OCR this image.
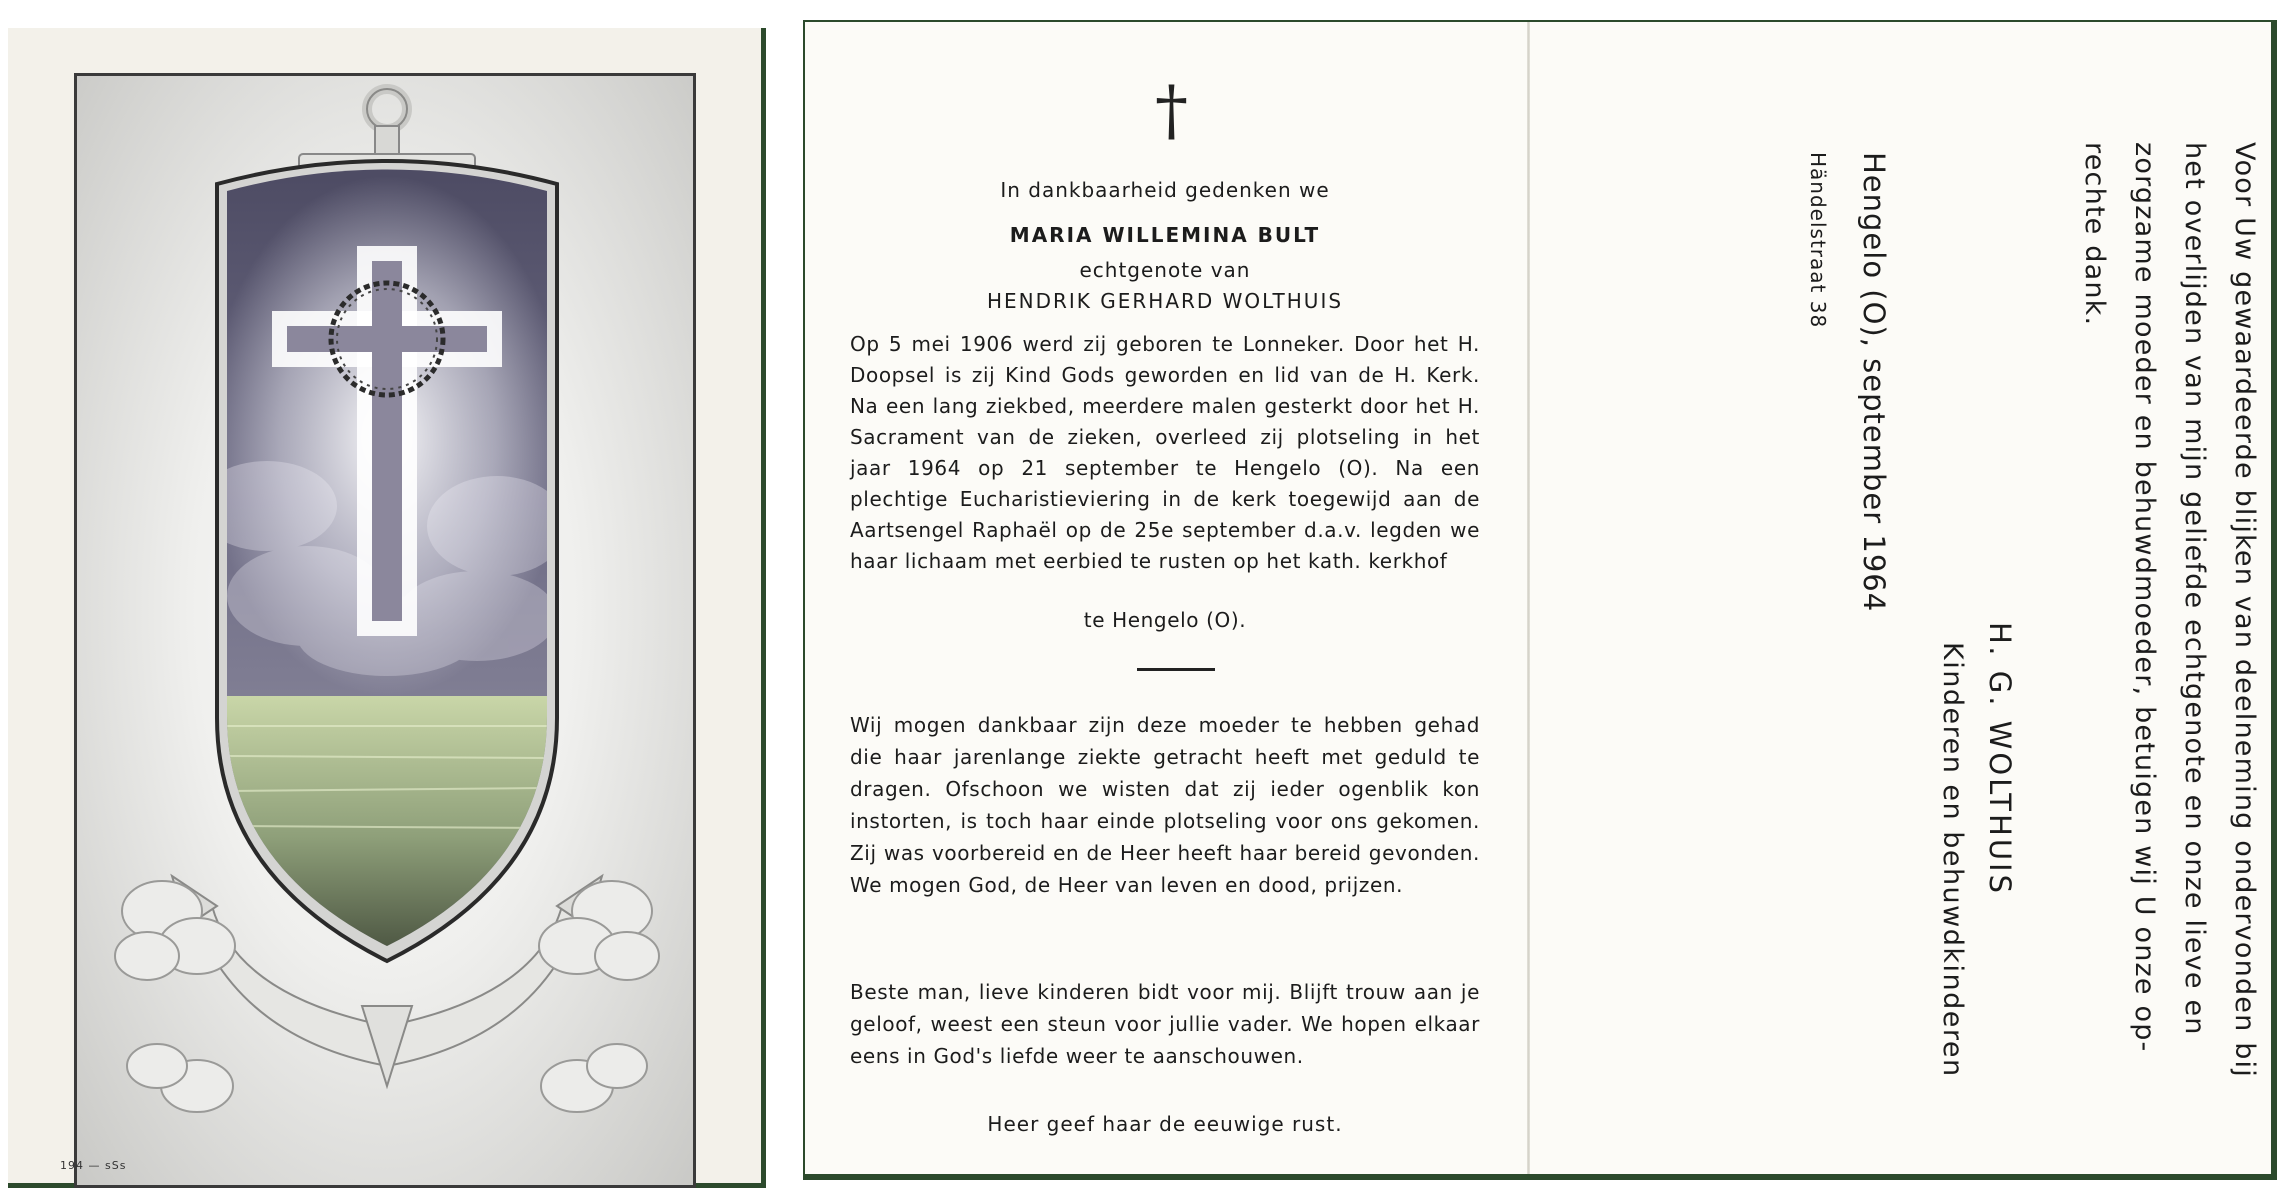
194 — sSs
†
In dankbaarheid gedenken we
MARIA WILLEMINA BULT
echtgenote van
HENDRIK GERHARD WOLTHUIS

Op 5 mei 1906 werd zij geboren te Lonneker. Door het H. Doopsel is zij Kind Gods geworden en lid van de H. Kerk. Na een lang ziekbed, meerdere malen gesterkt door het H. Sacrament van de zieken, overleed zij plotseling in het jaar 1964 op 21 september te Hengelo (O). Na een plechtige Eucharistieviering in de kerk toegewijd aan de Aartsengel Raphaël op de 25e september d.a.v. legden we haar lichaam met eerbied te rusten op het kath. kerkhof

te Hengelo (O).

Wij mogen dankbaar zijn deze moeder te hebben gehad die haar jarenlange ziekte getracht heeft met geduld te dragen. Ofschoon we wisten dat zij ieder ogenblik kon instorten, is toch haar einde plotseling voor ons gekomen. Zij was voorbereid en de Heer heeft haar bereid gevonden. We mogen God, de Heer van leven en dood, prijzen.

Beste man, lieve kinderen bidt voor mij. Blijft trouw aan je geloof, weest een steun voor jullie vader. We hopen elkaar eens in God's liefde weer te aanschouwen.

Heer geef haar de eeuwige rust.
Voor Uw gewaardeerde blijken van deelneming ondervonden bij
het overlijden van mijn geliefde echtgenote en onze lieve en
zorgzame moeder en behuwdmoeder, betuigen wij U onze op-
rechte dank.
H. G. WOLTHUIS
Kinderen en behuwdkinderen
Hengelo (O), september 1964
Händelstraat 38
